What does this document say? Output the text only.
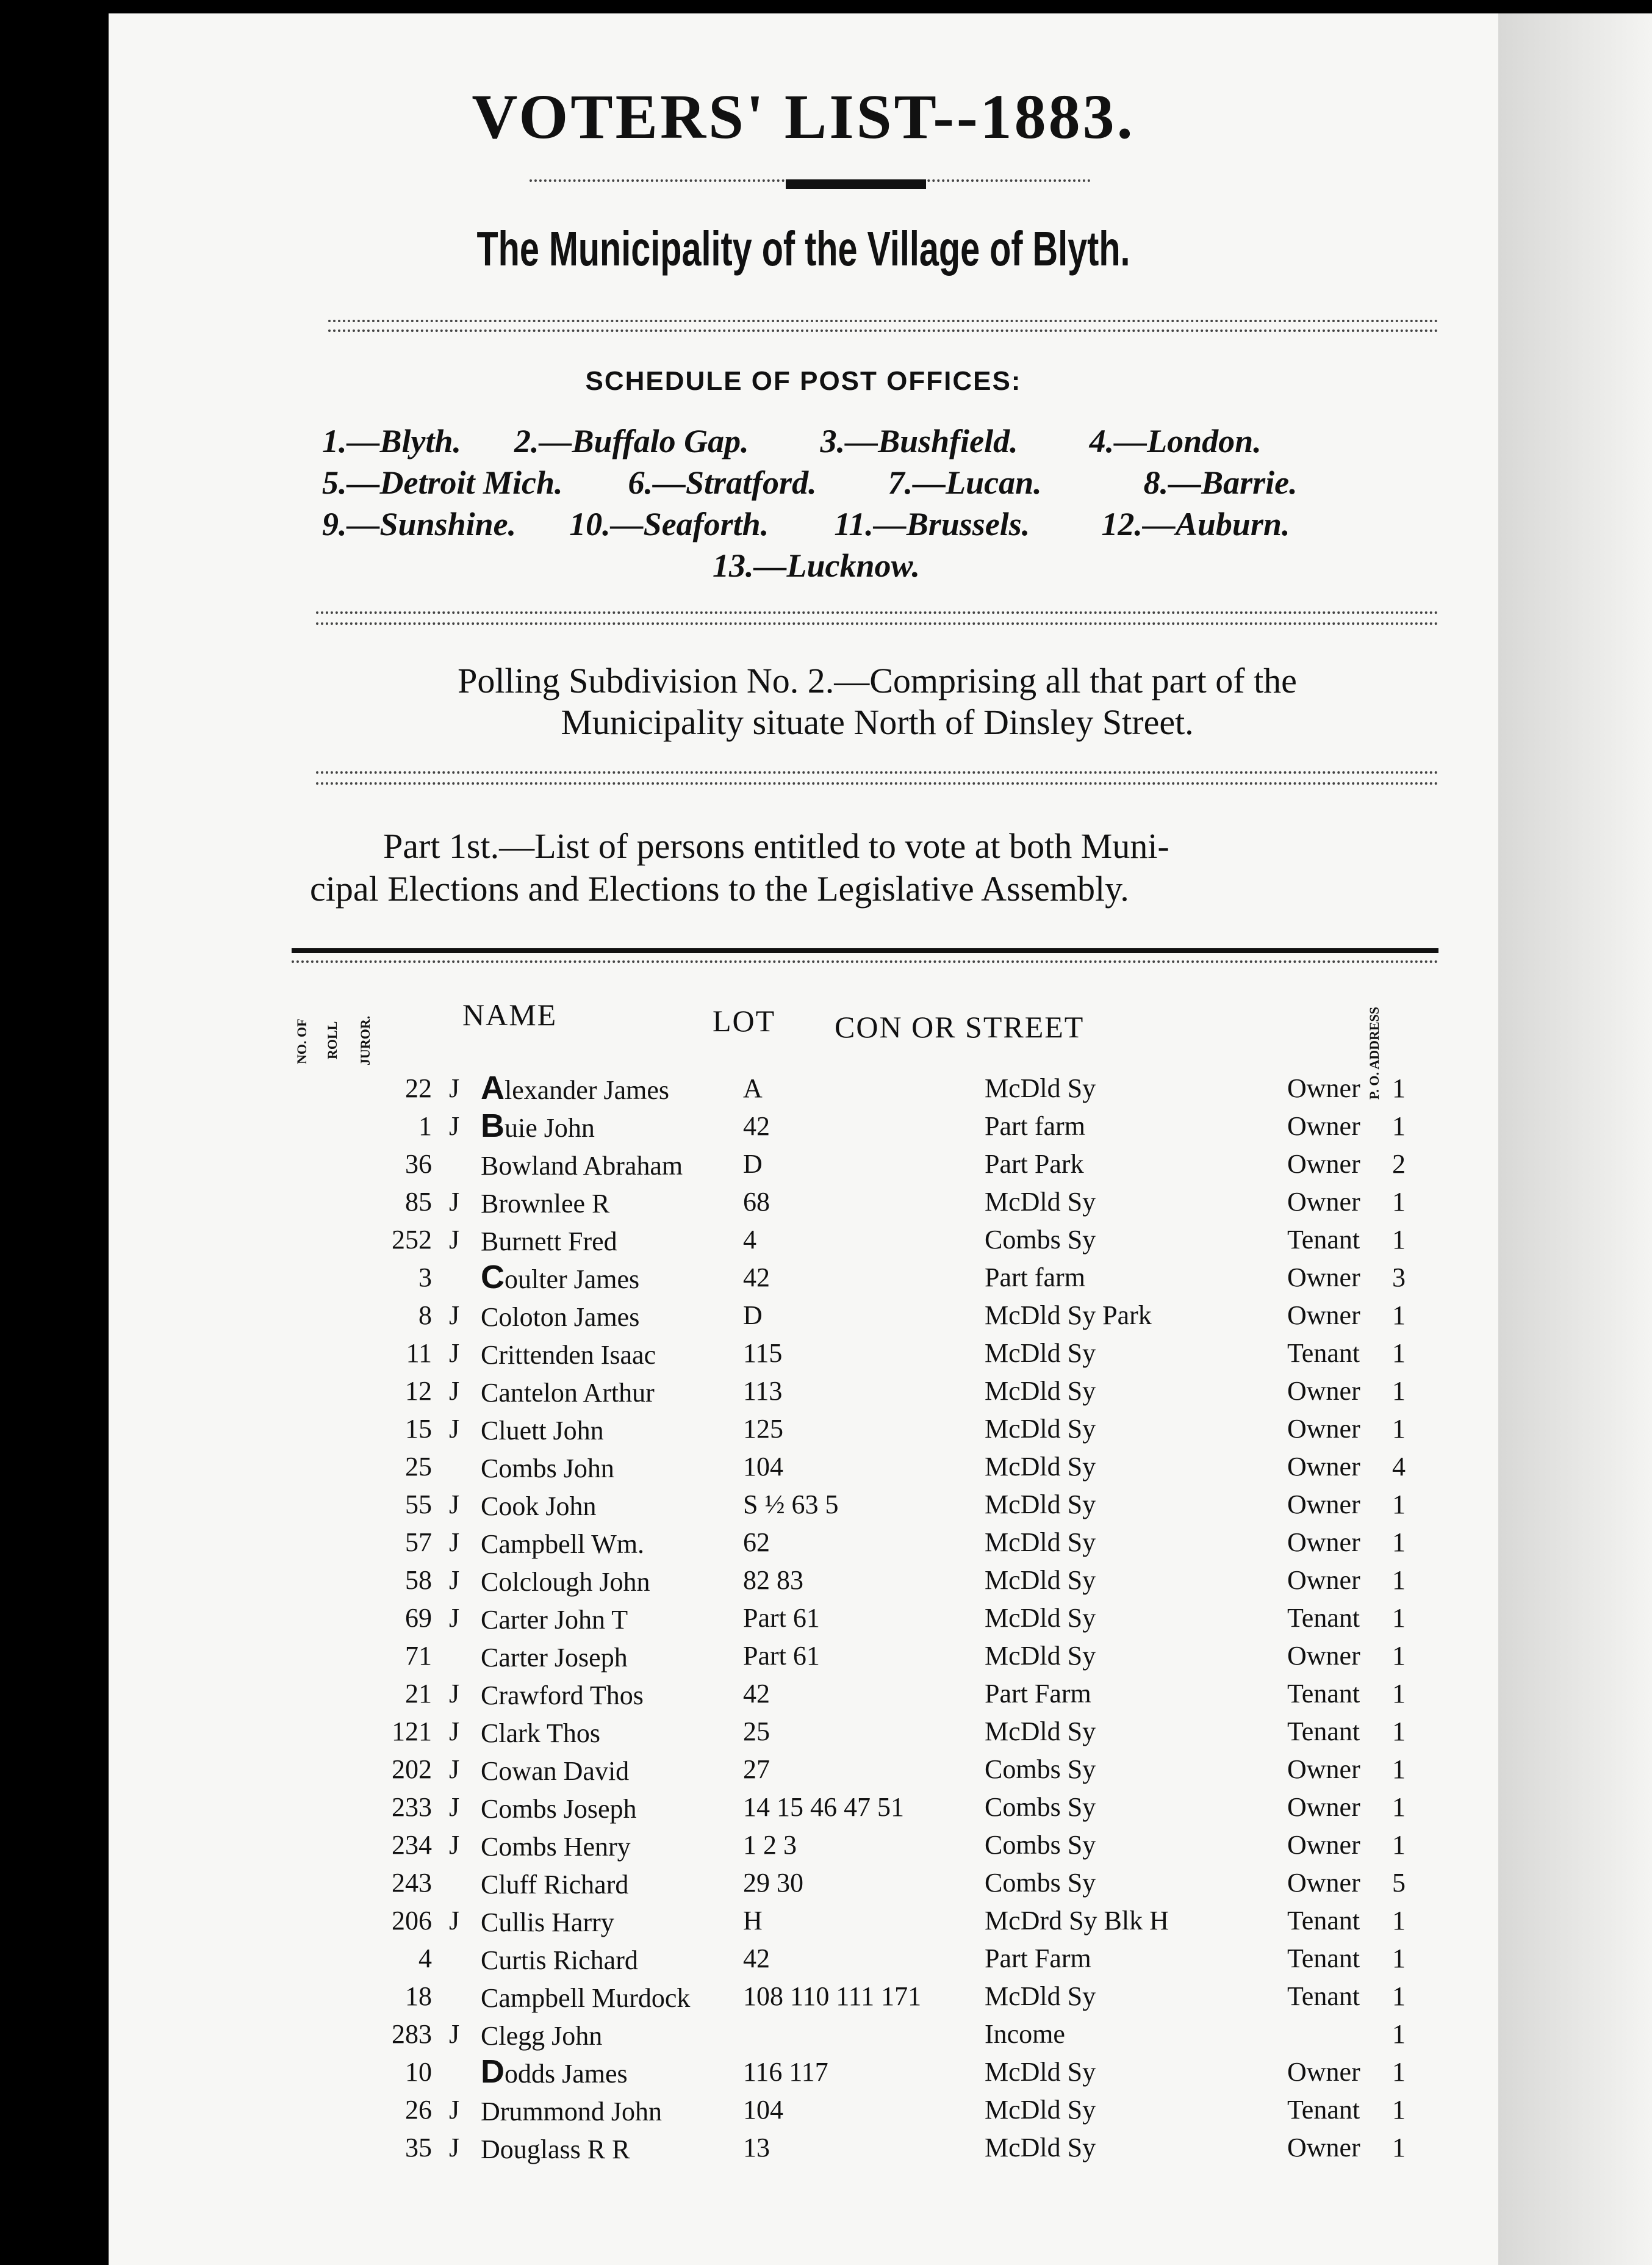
VOTERS' LIST--1883.
The Municipality of the Village of Blyth.
SCHEDULE OF POST OFFICES:
1.—Blyth. 2.—Buffalo Gap. 3.—Bushfield. 4.—London.
5.—Detroit Mich. 6.—Stratford. 7.—Lucan.	8.—Barrie.
9.—Sunshine. 10.—Seaforth. 11.—Brussels. 12.—Auburn.
13.—Lucknow.
Polling Subdivision No. 2.—Comprising all that part of the
Municipality situate North of Dinsley Street.
Part 1st.—List of persons entitled to vote at both Muni-
cipal Elections and Elections to the Legislative Assembly.
NO. OF ROLL JUROR.
NAME	LOT CON OR STREET	P. O. ADDRESS
22	J	Alexander James	A	McDld Sy	Owner	1
1	J	Buie John	42	Part farm	Owner	1
36		Bowland Abraham	D	Part Park	Owner	2
85	J	Brownlee R	68	McDld Sy	Owner	1
252	J	Burnett Fred	4	Combs Sy	Tenant	1
3		Coulter James	42	Part farm	Owner	3
8	J	Coloton James	D	McDld Sy Park	Owner	1
11	J	Crittenden Isaac	115	McDld Sy	Tenant	1
12	J	Cantelon Arthur	113	McDld Sy	Owner	1
15	J	Cluett John	125	McDld Sy	Owner	1
25		Combs John	104	McDld Sy	Owner	4
55	J	Cook John	S ½ 63 5	McDld Sy	Owner	1
57	J	Campbell Wm.	62	McDld Sy	Owner	1
58	J	Colclough John	82 83	McDld Sy	Owner	1
69	J	Carter John T	Part 61	McDld Sy	Tenant	1
71		Carter Joseph	Part 61	McDld Sy	Owner	1
21	J	Crawford Thos	42	Part Farm	Tenant	1
121	J	Clark Thos	25	McDld Sy	Tenant	1
202	J	Cowan David	27	Combs Sy	Owner	1
233	J	Combs Joseph	14 15 46 47 51	Combs Sy	Owner	1
234	J	Combs Henry	1 2 3	Combs Sy	Owner	1
243		Cluff Richard	29 30	Combs Sy	Owner	5
206	J	Cullis Harry	H	McDrd Sy Blk H	Tenant	1
4		Curtis Richard	42	Part Farm	Tenant	1
18		Campbell Murdock	108 110 111 171	McDld Sy	Tenant	1
283	J	Clegg John		Income		1
10		Dodds James	116 117	McDld Sy	Owner	1
26	J	Drummond John	104	McDld Sy	Tenant	1
35	J	Douglass R R	13	McDld Sy	Owner	1
